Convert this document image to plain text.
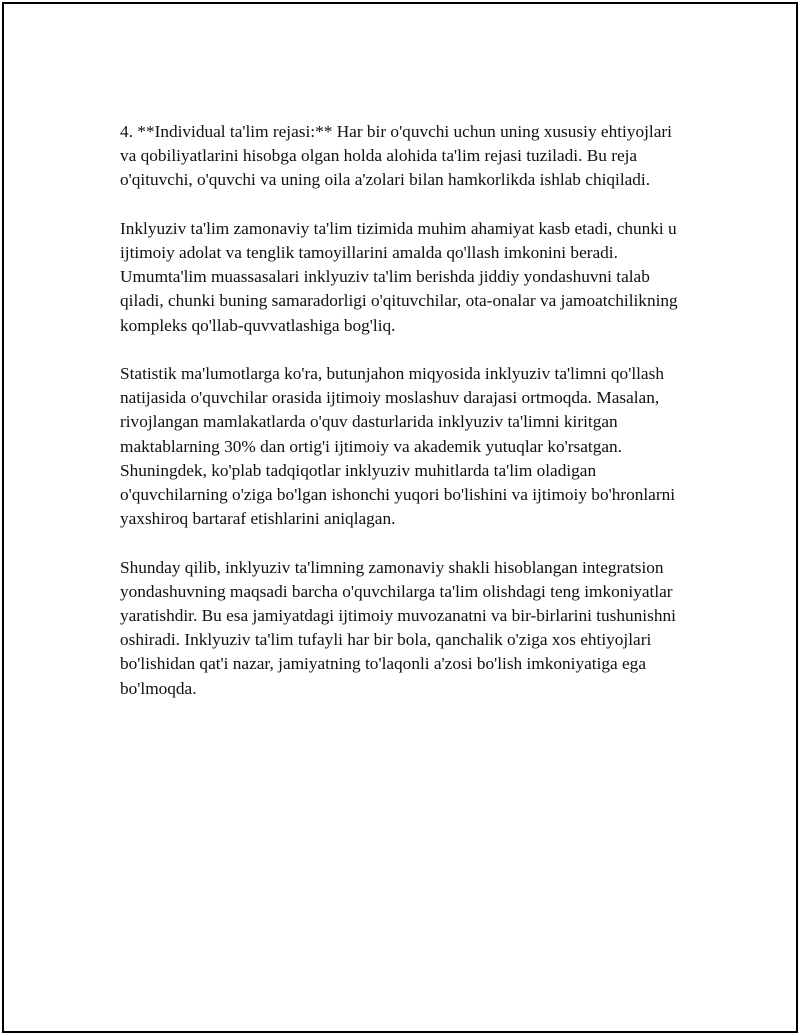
4. **Individual ta'lim rejasi:** Har bir o'quvchi uchun uning xususiy ehtiyojlari va qobiliyatlarini hisobga olgan holda alohida ta'lim rejasi tuziladi. Bu reja o'qituvchi, o'quvchi va uning oila a'zolari bilan hamkorlikda ishlab chiqiladi.

Inklyuziv ta'lim zamonaviy ta'lim tizimida muhim ahamiyat kasb etadi, chunki u ijtimoiy adolat va tenglik tamoyillarini amalda qo'llash imkonini beradi. Umumta'lim muassasalari inklyuziv ta'lim berishda jiddiy yondashuvni talab qiladi, chunki buning samaradorligi o'qituvchilar, ota-onalar va jamoatchilikning kompleks qo'llab-quvvatlashiga bog'liq.

Statistik ma'lumotlarga ko'ra, butunjahon miqyosida inklyuziv ta'limni qo'llash natijasida o'quvchilar orasida ijtimoiy moslashuv darajasi ortmoqda. Masalan, rivojlangan mamlakatlarda o'quv dasturlarida inklyuziv ta'limni kiritgan maktablarning 30% dan ortig'i ijtimoiy va akademik yutuqlar ko'rsatgan. Shuningdek, ko'plab tadqiqotlar inklyuziv muhitlarda ta'lim oladigan o'quvchilarning o'ziga bo'lgan ishonchi yuqori bo'lishini va ijtimoiy bo'hronlarni yaxshiroq bartaraf etishlarini aniqlagan.

Shunday qilib, inklyuziv ta'limning zamonaviy shakli hisoblangan integratsion yondashuvning maqsadi barcha o'quvchilarga ta'lim olishdagi teng imkoniyatlar yaratishdir. Bu esa jamiyatdagi ijtimoiy muvozanatni va bir-birlarini tushunishni oshiradi. Inklyuziv ta'lim tufayli har bir bola, qanchalik o'ziga xos ehtiyojlari bo'lishidan qat'i nazar, jamiyatning to'laqonli a'zosi bo'lish imkoniyatiga ega bo'lmoqda.
